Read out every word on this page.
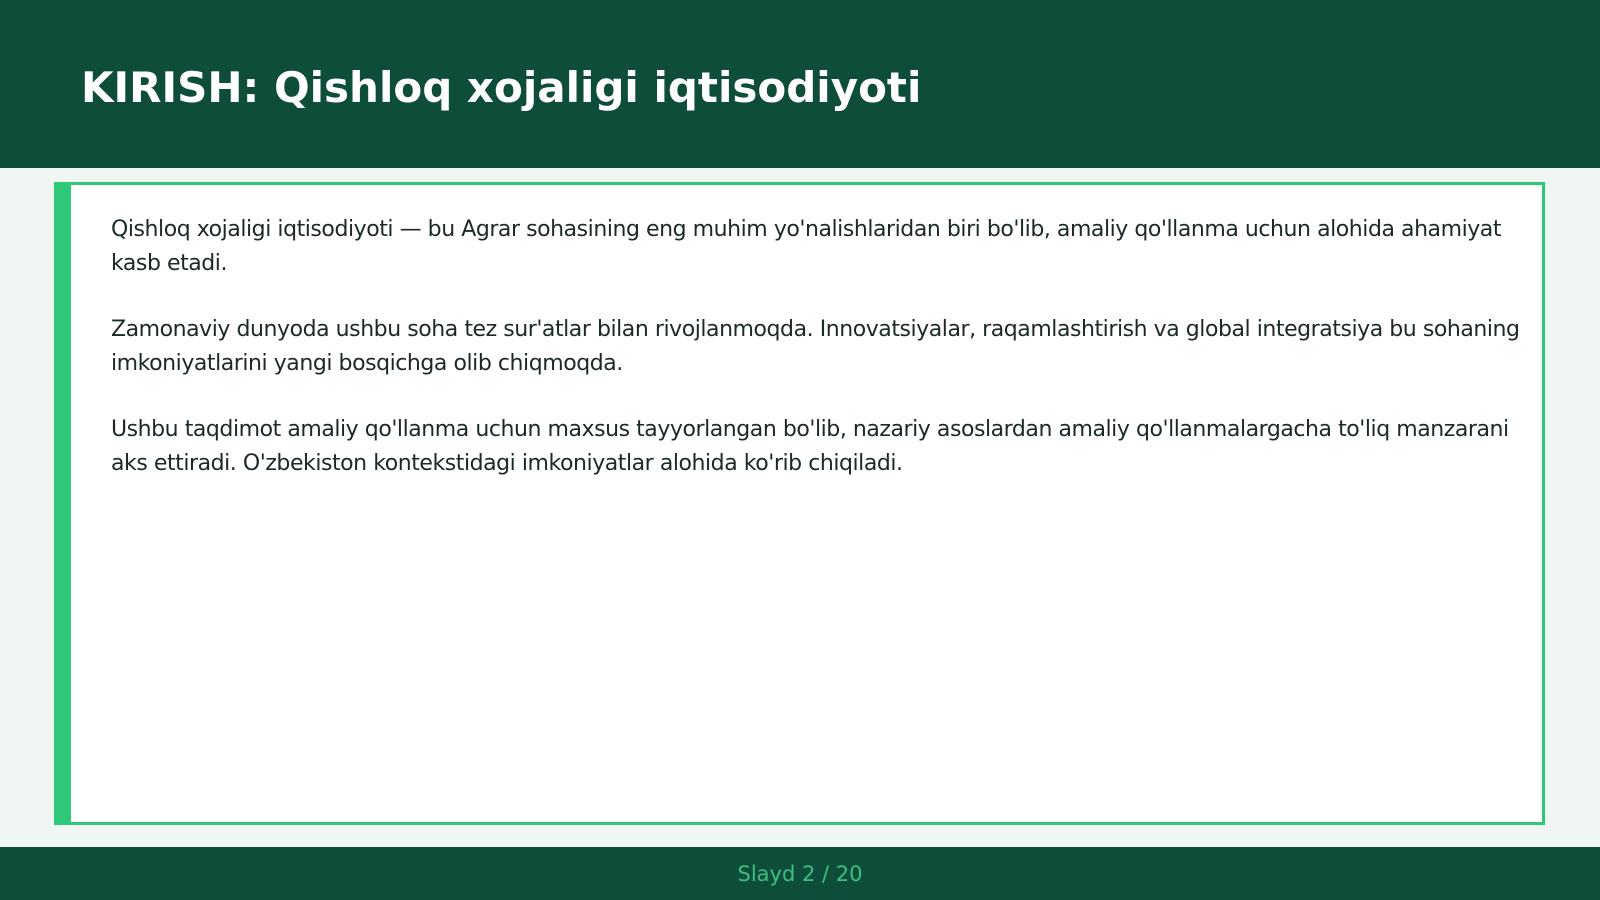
KIRISH: Qishloq xojaligi iqtisodiyoti

Qishloq xojaligi iqtisodiyoti — bu Agrar sohasining eng muhim yo'nalishlaridan biri bo'lib, amaliy qo'llanma uchun alohida ahamiyat kasb etadi.

Zamonaviy dunyoda ushbu soha tez sur'atlar bilan rivojlanmoqda. Innovatsiyalar, raqamlashtirish va global integratsiya bu sohaning imkoniyatlarini yangi bosqichga olib chiqmoqda.

Ushbu taqdimot amaliy qo'llanma uchun maxsus tayyorlangan bo'lib, nazariy asoslardan amaliy qo'llanmalargacha to'liq manzarani aks ettiradi. O'zbekiston kontekstidagi imkoniyatlar alohida ko'rib chiqiladi.

Slayd 2 / 20
